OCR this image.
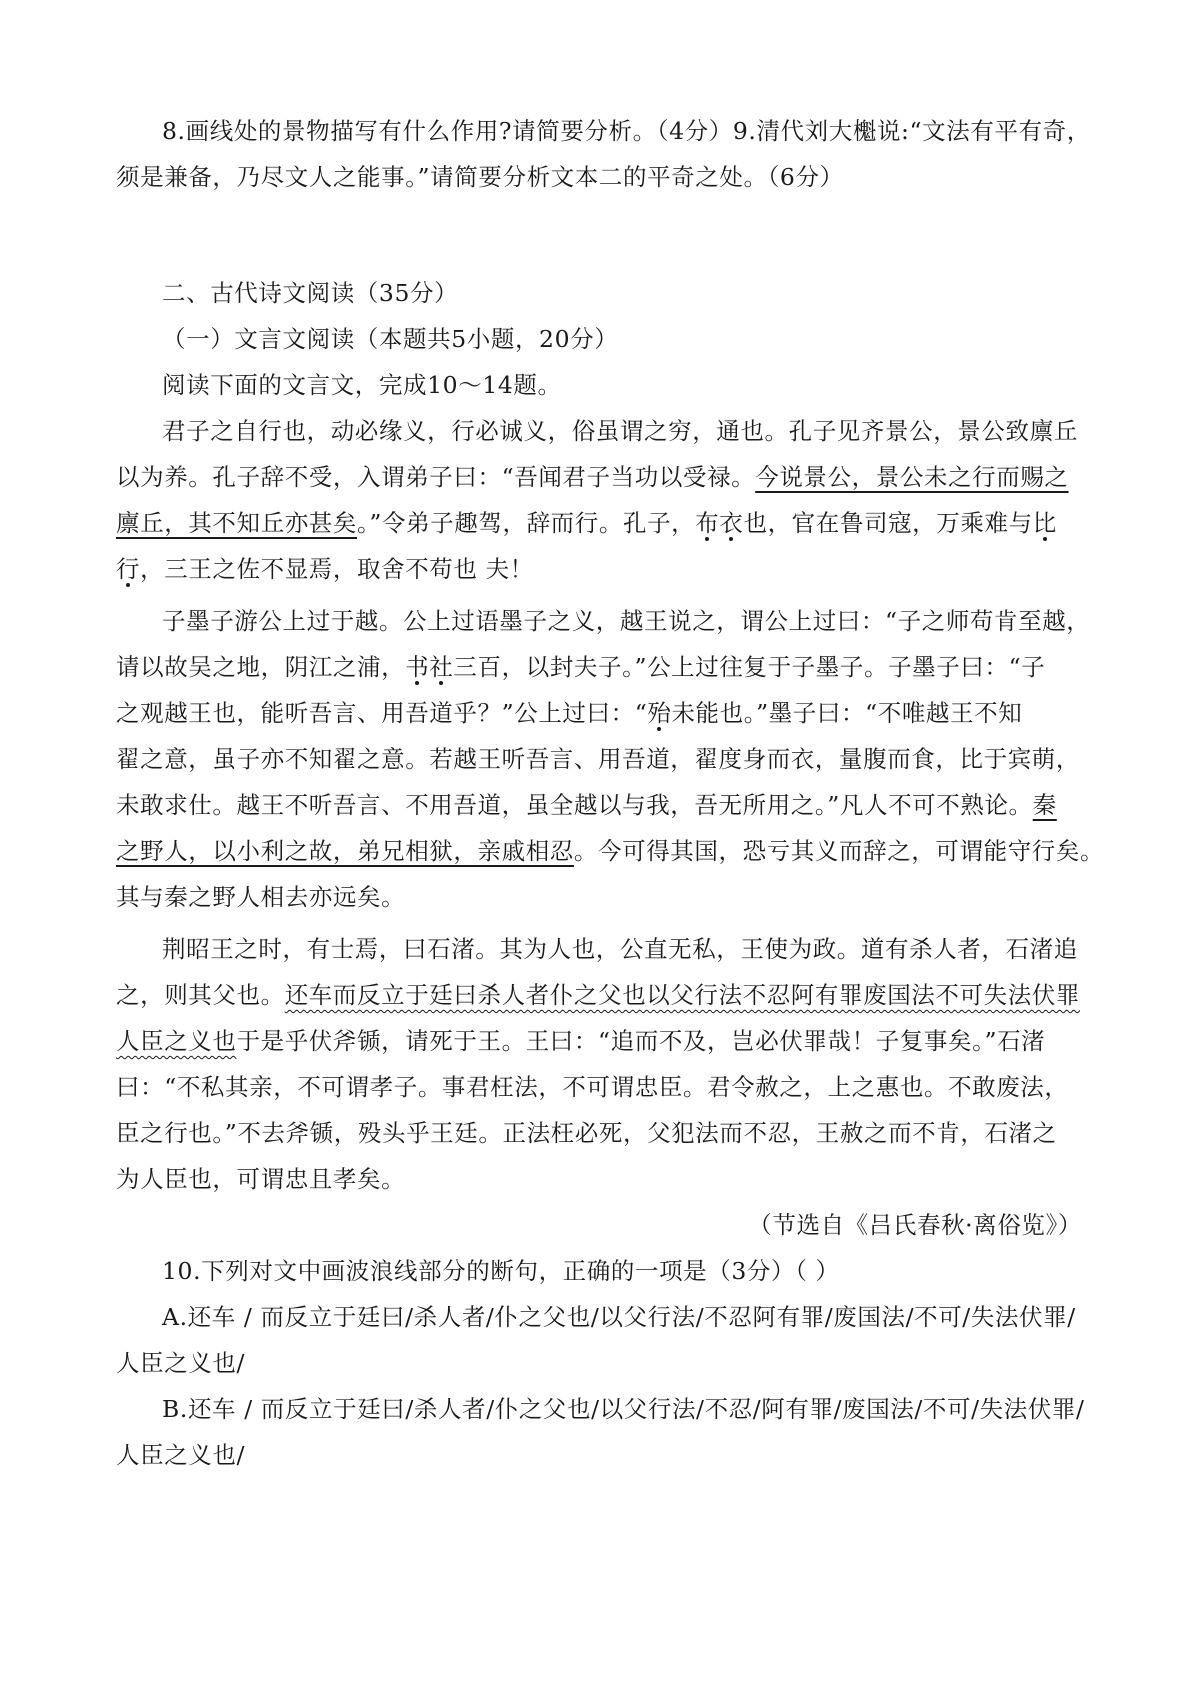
8.画线处的景物描写有什么作用?请简要分析。（4分）9.清代刘大櫆说:“文法有平有奇，
须是兼备，乃尽文人之能事。”请简要分析文本二的平奇之处。（6分）
二、古代诗文阅读（35分）
（一）文言文阅读（本题共5小题，20分）
阅读下面的文言文，完成10～14题。
君子之自行也，动必缘义，行必诚义，俗虽谓之穷，通也。孔子见齐景公，景公致廪丘
以为养。孔子辞不受，入谓弟子曰：“吾闻君子当功以受禄。今说景公，景公未之行而赐之
廪丘，其不知丘亦甚矣。”令弟子趣驾，辞而行。孔子，布衣也，官在鲁司寇，万乘难与比
行，三王之佐不显焉，取舍不苟也 夫！
子墨子游公上过于越。公上过语墨子之义，越王说之，谓公上过曰：“子之师苟肯至越，
请以故吴之地，阴江之浦，书社三百，以封夫子。”公上过往复于子墨子。子墨子曰：“子
之观越王也，能听吾言、用吾道乎？”公上过曰：“殆未能也。”墨子曰：“不唯越王不知
翟之意，虽子亦不知翟之意。若越王听吾言、用吾道，翟度身而衣，量腹而食，比于宾萌，
未敢求仕。越王不听吾言、不用吾道，虽全越以与我，吾无所用之。”凡人不可不熟论。秦
之野人，以小利之故，弟兄相狱，亲戚相忍。今可得其国，恐亏其义而辞之，可谓能守行矣。
其与秦之野人相去亦远矣。
荆昭王之时，有士焉，曰石渚。其为人也，公直无私，王使为政。道有杀人者，石渚追
之，则其父也。还车而反立于廷曰杀人者仆之父也以父行法不忍阿有罪废国法不可失法伏罪
人臣之义也于是乎伏斧锧，请死于王。王曰：“追而不及，岂必伏罪哉！子复事矣。”石渚
曰：“不私其亲，不可谓孝子。事君枉法，不可谓忠臣。君令赦之，上之惠也。不敢废法，
臣之行也。”不去斧锧，殁头乎王廷。正法枉必死，父犯法而不忍，王赦之而不肯，石渚之
为人臣也，可谓忠且孝矣。
（节选自《吕氏春秋·离俗览》）
10.下列对文中画波浪线部分的断句，正确的一项是（3分）（ ）
A.还车 / 而反立于廷曰/杀人者/仆之父也/以父行法/不忍阿有罪/废国法/不可/失法伏罪/
人臣之义也/
B.还车 / 而反立于廷曰/杀人者/仆之父也/以父行法/不忍/阿有罪/废国法/不可/失法伏罪/
人臣之义也/
